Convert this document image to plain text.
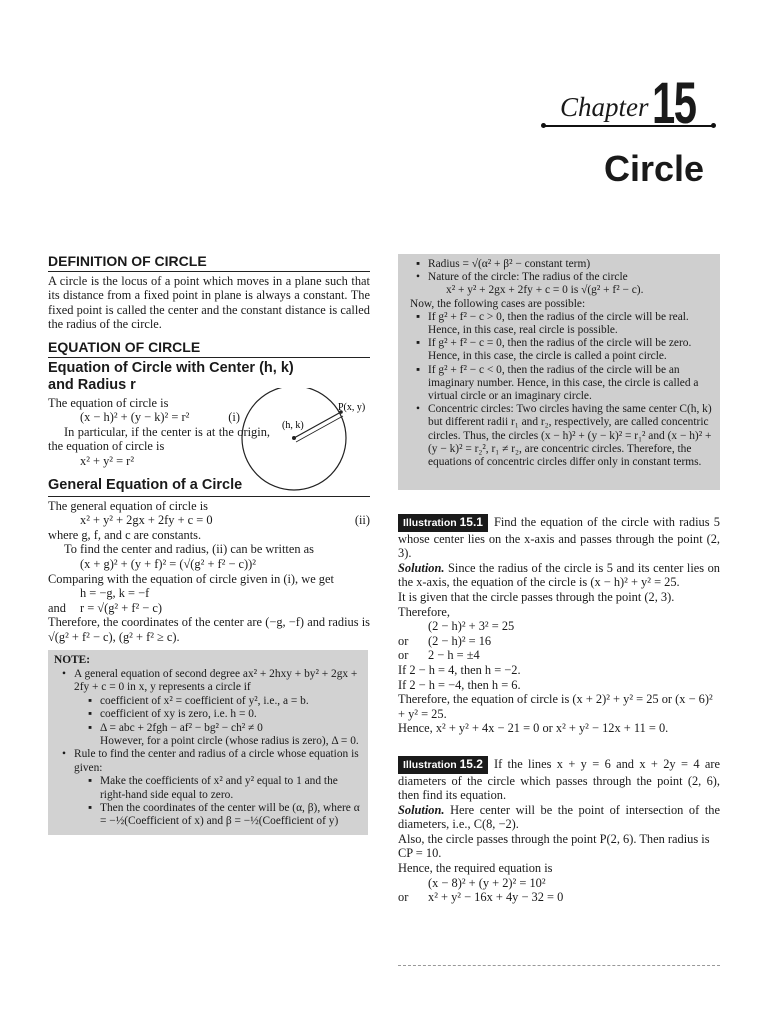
Chapter 15
Circle
DEFINITION OF CIRCLE

A circle is the locus of a point which moves in a plane such that its distance from a fixed point in plane is always a constant. The fixed point is called the center and the constant distance is called the radius of the circle.

EQUATION OF CIRCLE
Equation of Circle with Center (h, k) and Radius r

The equation of circle is

(x − h)² + (y − k)² = r²	(i)

In particular, if the center is at the origin, the equation of circle is

x² + y² = r²

General Equation of a Circle

The general equation of circle is

x² + y² + 2gx + 2fy + c = 0	(ii)

where g, f, and c are constants.

To find the center and radius, (ii) can be written as

(x + g)² + (y + f)² = (√(g² + f² − c))²

Comparing with the equation of circle given in (i), we get

h = −g, k = −f

and r = √(g² + f² − c)

Therefore, the coordinates of the center are (−g, −f) and radius is √(g² + f² − c), (g² + f² ≥ c).

NOTE:
• A general equation of second degree ax² + 2hxy + by² + 2gx + 2fy + c = 0 in x, y represents a circle if
▪ coefficient of x² = coefficient of y², i.e., a = b.
▪ coefficient of xy is zero, i.e. h = 0.
▪ Δ = abc + 2fgh − af² − bg² − ch² ≠ 0
However, for a point circle (whose radius is zero), Δ = 0.
• Rule to find the center and radius of a circle whose equation is given:
▪ Make the coefficients of x² and y² equal to 1 and the right-hand side equal to zero.
▪ Then the coordinates of the center will be (α, β), where α = −½(Coefficient of x) and β = −½(Coefficient of y)
(h, k)
P(x, y)
▪ Radius = √(α² + β² − constant term)
• Nature of the circle: The radius of the circle
x² + y² + 2gx + 2fy + c = 0 is √(g² + f² − c).

Now, the following cases are possible:

▪ If g² + f² − c > 0, then the radius of the circle will be real. Hence, in this case, real circle is possible.
▪ If g² + f² − c = 0, then the radius of the circle will be zero. Hence, in this case, the circle is called a point circle.
▪ If g² + f² − c < 0, then the radius of the circle will be an imaginary number. Hence, in this case, the circle is called a virtual circle or an imaginary circle.
• Concentric circles: Two circles having the same center C(h, k) but different radii r₁ and r₂, respectively, are called concentric circles. Thus, the circles (x − h)² + (y − k)² = r₁² and (x − h)² + (y − k)² = r₂², r₁ ≠ r₂, are concentric circles. Therefore, the equations of concentric circles differ only in constant terms.
Illustration 15.1 Find the equation of the circle with radius 5 whose center lies on the x-axis and passes through the point (2, 3).

Solution. Since the radius of the circle is 5 and its center lies on the x-axis, the equation of the circle is (x − h)² + y² = 25.

It is given that the circle passes through the point (2, 3). Therefore,

(2 − h)² + 3² = 25

or (2 − h)² = 16
or 2 − h = ±4

If 2 − h = 4, then h = −2.

If 2 − h = −4, then h = 6.

Therefore, the equation of circle is (x + 2)² + y² = 25 or (x − 6)² + y² = 25.

Hence, x² + y² + 4x − 21 = 0 or x² + y² − 12x + 11 = 0.

Illustration 15.2 If the lines x + y = 6 and x + 2y = 4 are diameters of the circle which passes through the point (2, 6), then find its equation.

Solution. Here center will be the point of intersection of the diameters, i.e., C(8, −2).

Also, the circle passes through the point P(2, 6). Then radius is CP = 10.

Hence, the required equation is

(x − 8)² + (y + 2)² = 10²

or x² + y² − 16x + 4y − 32 = 0
